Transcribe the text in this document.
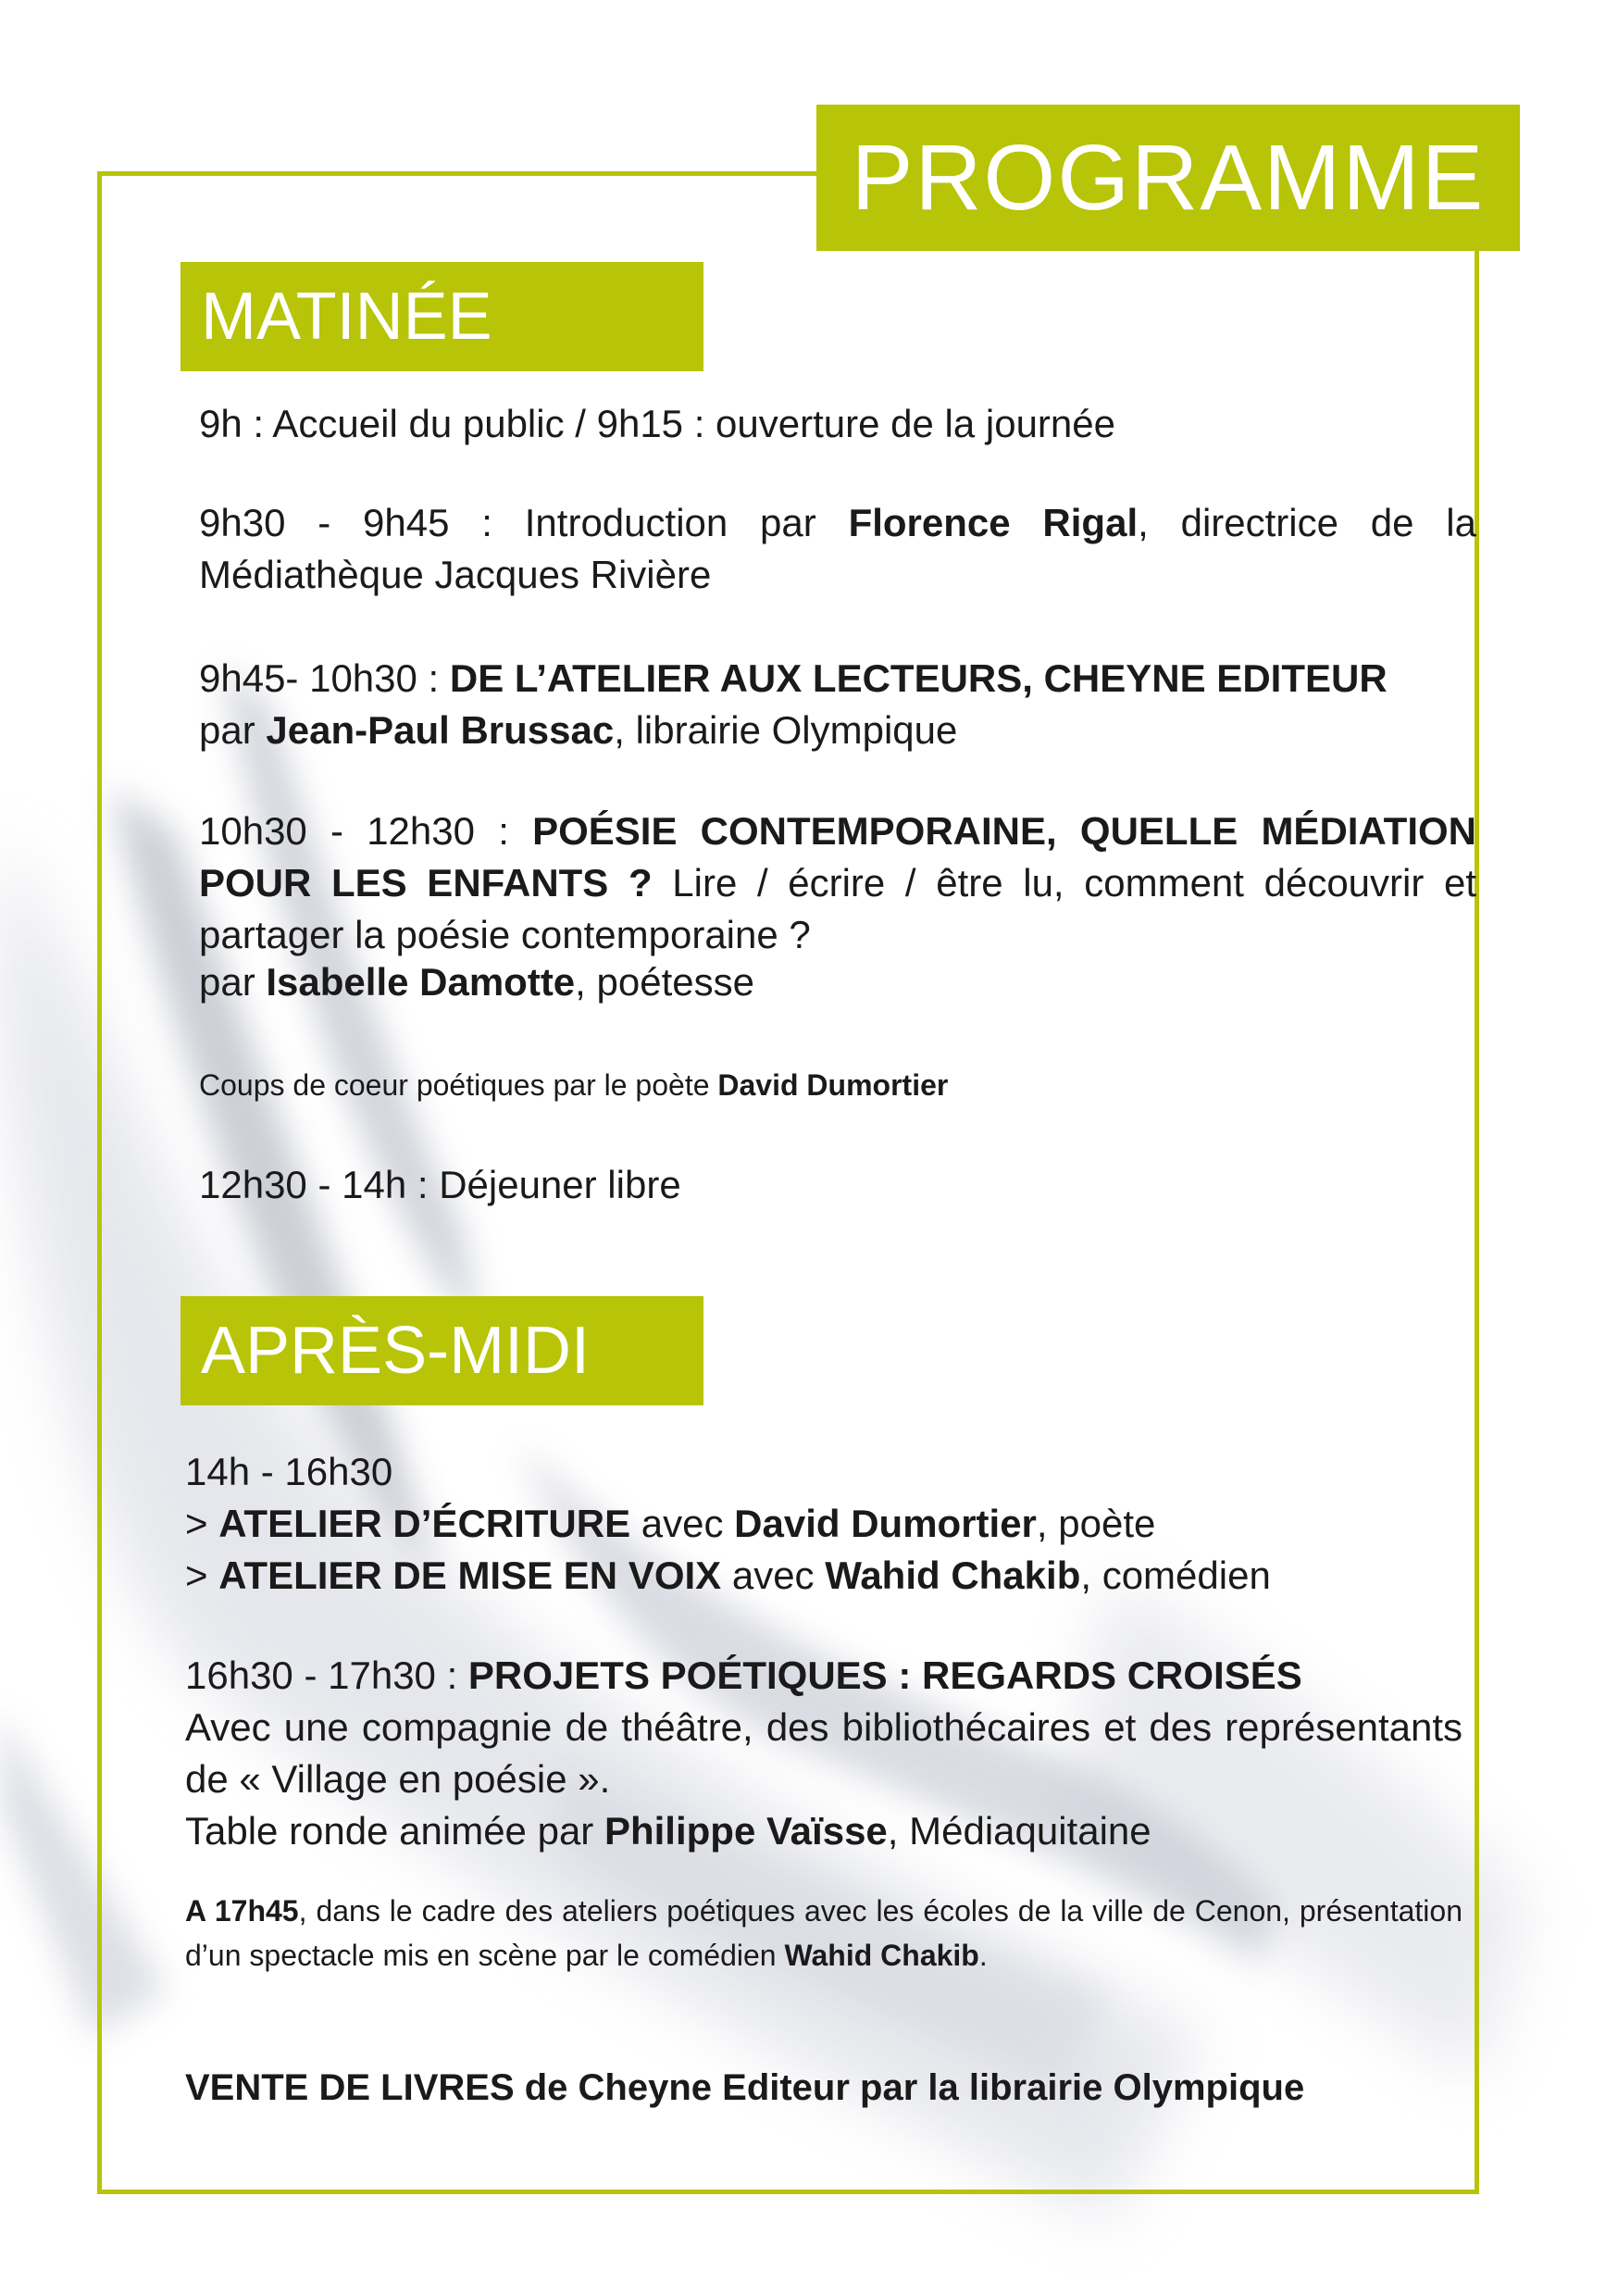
PROGRAMME
MATINÉE

9h : Accueil du public / 9h15 : ouverture de la journée

9h30 - 9h45 : Introduction par Florence Rigal, directrice de la Médiathèque Jacques Rivière

9h45- 10h30 : DE L’ATELIER AUX LECTEURS, CHEYNE EDITEUR
par Jean-Paul Brussac, librairie Olympique

10h30 - 12h30 : POÉSIE CONTEMPORAINE, QUELLE MÉDIATION POUR LES ENFANTS ? Lire / écrire / être lu, comment découvrir et partager la poésie contemporaine ?

par Isabelle Damotte, poétesse

Coups de coeur poétiques par le poète David Dumortier

12h30 - 14h : Déjeuner libre

APRÈS-MIDI

14h - 16h30
> ATELIER D’ÉCRITURE avec David Dumortier, poète
> ATELIER DE MISE EN VOIX avec Wahid Chakib, comédien

16h30 - 17h30 : PROJETS POÉTIQUES : REGARDS CROISÉS
Avec une compagnie de théâtre, des bibliothécaires et des représentants de « Village en poésie ».
Table ronde animée par Philippe Vaïsse, Médiaquitaine

A 17h45, dans le cadre des ateliers poétiques avec les écoles de la ville de Cenon, présentation d’un spectacle mis en scène par le comédien Wahid Chakib.

VENTE DE LIVRES de Cheyne Editeur par la librairie Olympique
